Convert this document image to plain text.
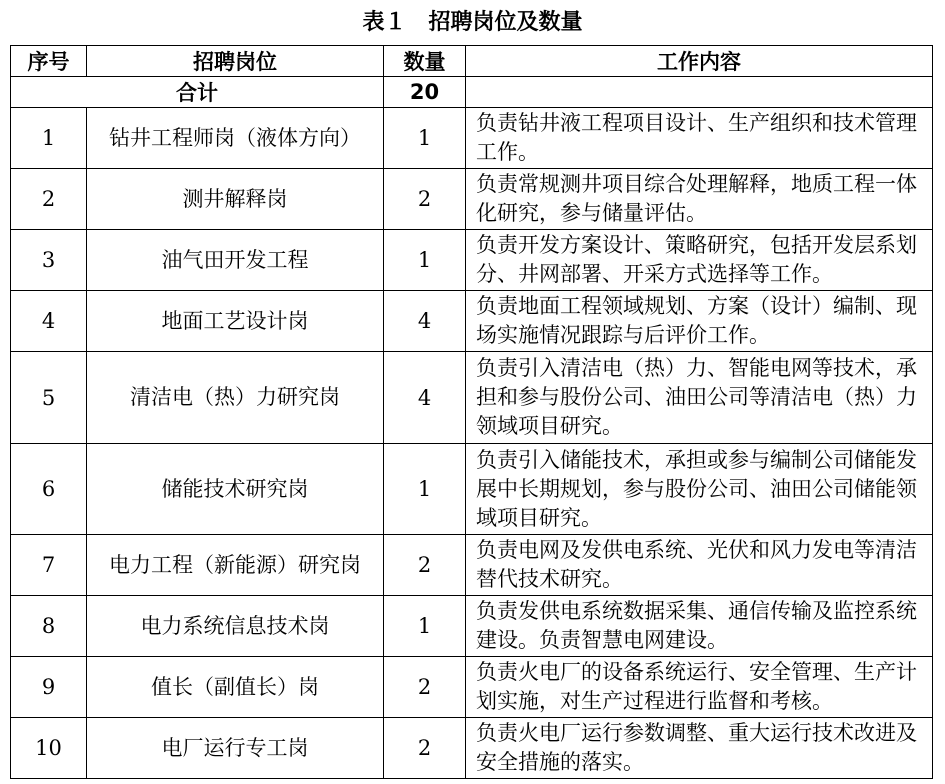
表１　招聘岗位及数量
序号	招聘岗位	数量	工作内容
合计		20	
1	钻井工程师岗（液体方向）	1	负责钻井液工程项目设计、生产组织和技术管理工作。
2	测井解释岗	2	负责常规测井项目综合处理解释，地质工程一体化研究，参与储量评估。
3	油气田开发工程	1	负责开发方案设计、策略研究，包括开发层系划分、井网部署、开采方式选择等工作。
4	地面工艺设计岗	4	负责地面工程领域规划、方案（设计）编制、现场实施情况跟踪与后评价工作。
5	清洁电（热）力研究岗	4	负责引入清洁电（热）力、智能电网等技术，承担和参与股份公司、油田公司等清洁电（热）力领域项目研究。
6	储能技术研究岗	1	负责引入储能技术，承担或参与编制公司储能发展中长期规划，参与股份公司、油田公司储能领域项目研究。
7	电力工程（新能源）研究岗	2	负责电网及发供电系统、光伏和风力发电等清洁替代技术研究。
8	电力系统信息技术岗	1	负责发供电系统数据采集、通信传输及监控系统建设。负责智慧电网建设。
9	值长（副值长）岗	2	负责火电厂的设备系统运行、安全管理、生产计划实施，对生产过程进行监督和考核。
10	电厂运行专工岗	2	负责火电厂运行参数调整、重大运行技术改进及安全措施的落实。
